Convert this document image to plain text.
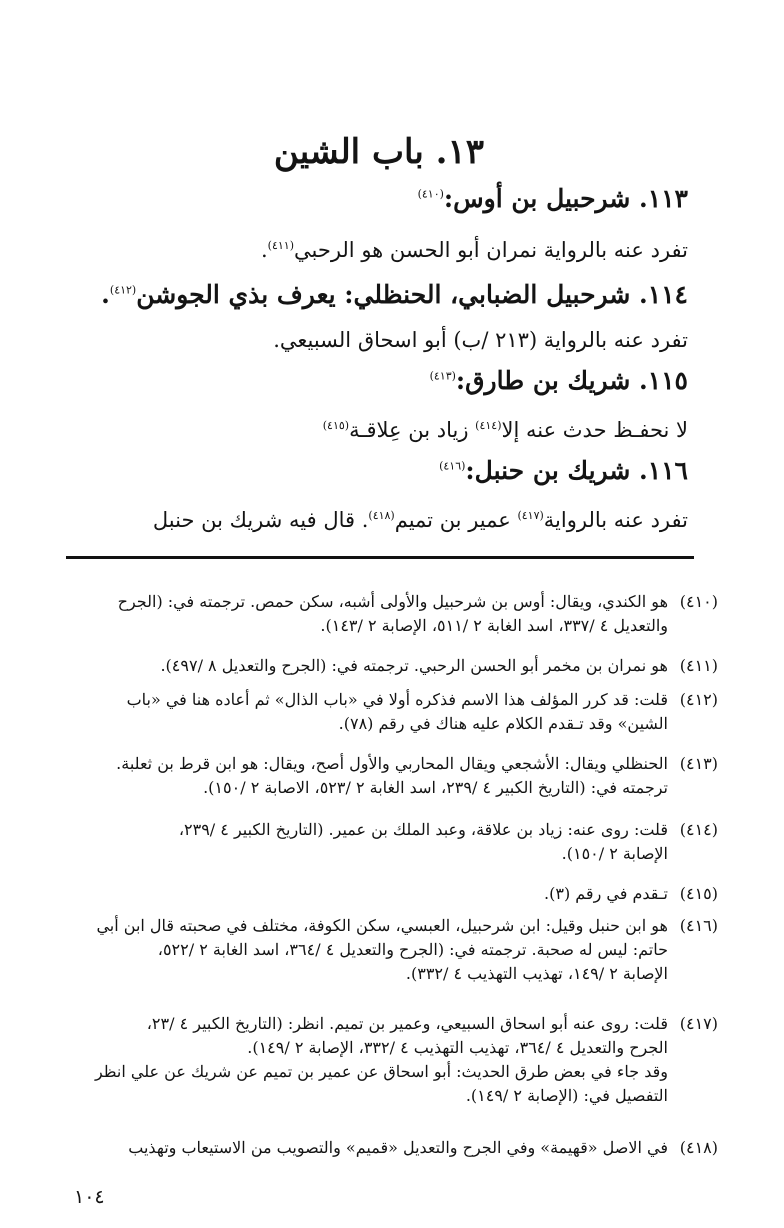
١٣. باب الشين
١١٣. شرحبيل بن أوس:$^{(٤١٠)}$
تفرد عنه بالرواية نمران أبو الحسن هو الرحبي$^{(٤١١)}$.
١١٤. شرحبيل الضبابي، الحنظلي: يعرف بذي الجوشن$^{(٤١٢)}$.
تفرد عنه بالرواية (٢١٣ /ب) أبو اسحاق السبيعي.
١١٥. شريك بن طارق:$^{(٤١٣)}$
لا نحفـظ حدث عنه إلا$^{(٤١٤)}$ زياد بن عِلاقـة$^{(٤١٥)}$
١١٦. شريك بن حنبل:$^{(٤١٦)}$
تفرد عنه بالرواية$^{(٤١٧)}$ عمير بن تميم$^{(٤١٨)}$. قال فيه شريك بن حنبل
(٤١٠)
هو الكندي، ويقال: أوس بن شرحبيل والأولى أشبه، سكن حمص. ترجمته في: (الجرح
والتعديل ٤ /٣٣٧، اسد الغابة ٢ /٥١١، الإصابة ٢ /١٤٣).
(٤١١)
هو نمران بن مخمر أبو الحسن الرحبي. ترجمته في: (الجرح والتعديل ٨ /٤٩٧).
(٤١٢)
قلت: قد كرر المؤلف هذا الاسم فذكره أولا في «باب الذال» ثم أعاده هنا في «باب
الشين» وقد تـقدم الكلام عليه هناك في رقم (٧٨).
(٤١٣)
الحنظلي ويقال: الأشجعي ويقال المحاربي والأول أصح، ويقال: هو ابن قرط بن ثعلبة.
ترجمته في: (التاريخ الكبير ٤ /٢٣٩، اسد الغابة ٢ /٥٢٣، الاصابة ٢ /١٥٠).
(٤١٤)
قلت: روى عنه: زياد بن علاقة، وعبد الملك بن عمير. (التاريخ الكبير ٤ /٢٣٩،
الإصابة ٢ /١٥٠).
(٤١٥)
تـقدم في رقم (٣).
(٤١٦)
هو ابن حنبل وقيل: ابن شرحبيل، العبسي، سكن الكوفة، مختلف في صحبته قال ابن أبي
حاتم: ليس له صحبة. ترجمته في: (الجرح والتعديل ٤ /٣٦٤، اسد الغابة ٢ /٥٢٢،
الإصابة ٢ /١٤٩، تهذيب التهذيب ٤ /٣٣٢).
(٤١٧)
قلت: روى عنه أبو اسحاق السبيعي، وعمير بن تميم. انظر: (التاريخ الكبير ٤ /٢٣،
الجرح والتعديل ٤ /٣٦٤، تهذيب التهذيب ٤ /٣٣٢، الإصابة ٢ /١٤٩).
وقد جاء في بعض طرق الحديث: أبو اسحاق عن عمير بن تميم عن شريك عن علي انظر
التفصيل في: (الإصابة ٢ /١٤٩).
(٤١٨)
في الاصل «قهيمة» وفي الجرح والتعديل «قميم» والتصويب من الاستيعاب وتهذيب
١٠٤
